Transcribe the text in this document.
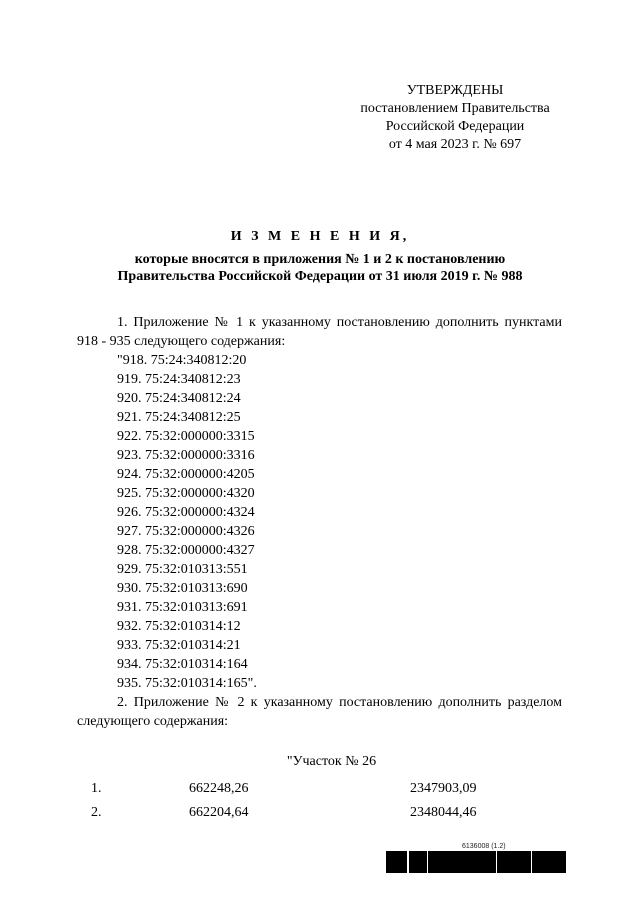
УТВЕРЖДЕНЫ
постановлением Правительства
Российской Федерации
от 4 мая 2023 г. № 697
И З М Е Н Е Н И Я,
которые вносятся в приложения № 1 и 2 к постановлению
Правительства Российской Федерации от 31 июля 2019 г. № 988
1. Приложение № 1 к указанному постановлению дополнить пунктами 918 - 935 следующего содержания:
"918. 75:24:340812:20
919. 75:24:340812:23
920. 75:24:340812:24
921. 75:24:340812:25
922. 75:32:000000:3315
923. 75:32:000000:3316
924. 75:32:000000:4205
925. 75:32:000000:4320
926. 75:32:000000:4324
927. 75:32:000000:4326
928. 75:32:000000:4327
929. 75:32:010313:551
930. 75:32:010313:690
931. 75:32:010313:691
932. 75:32:010314:12
933. 75:32:010314:21
934. 75:32:010314:164
935. 75:32:010314:165".
2. Приложение № 2 к указанному постановлению дополнить разделом следующего содержания:
"Участок № 26
1.	662248,26	2347903,09
2.	662204,64	2348044,46
6136008 (1.2)
